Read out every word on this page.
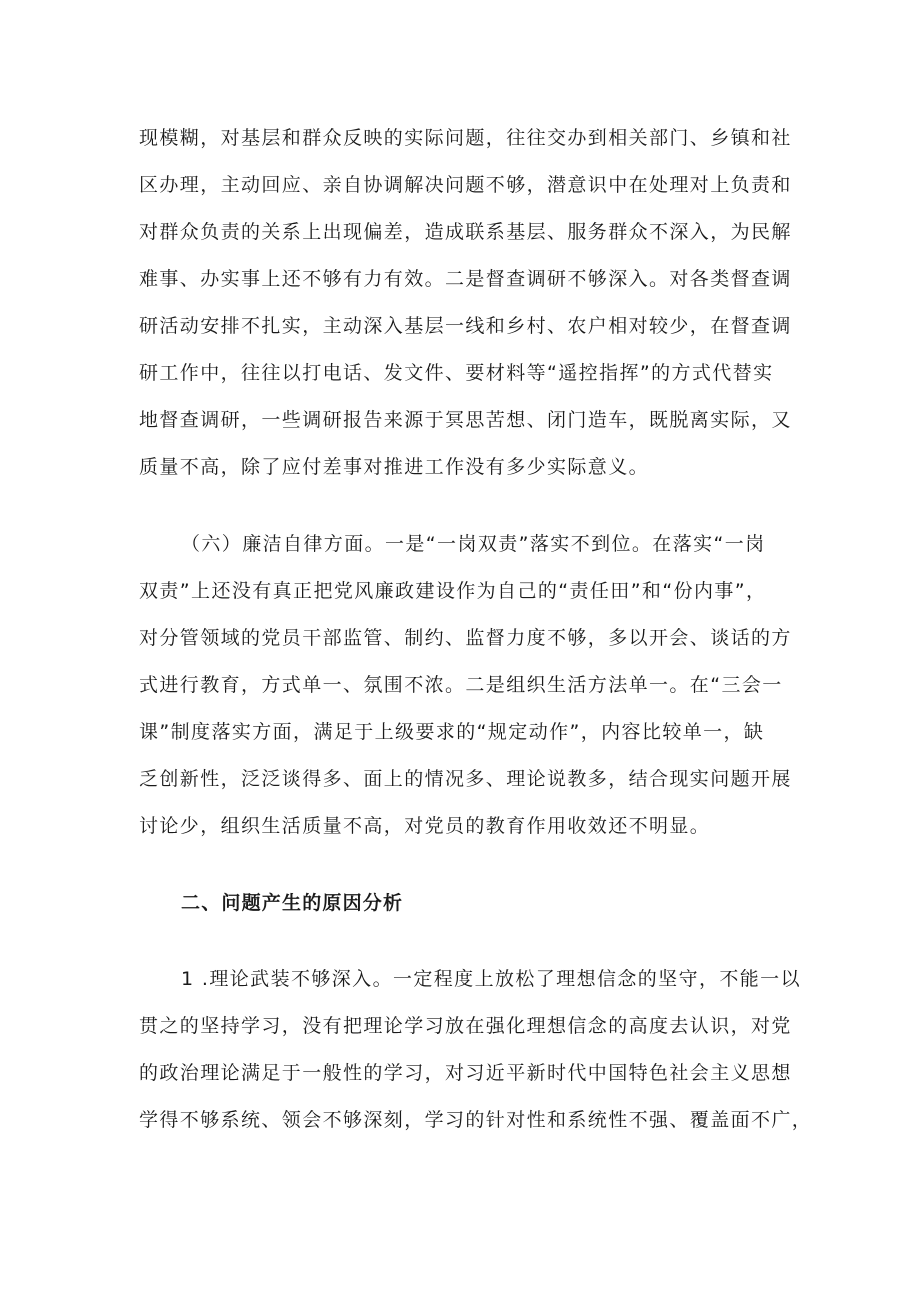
现模糊，对基层和群众反映的实际问题，往往交办到相关部门、乡镇和社
区办理，主动回应、亲自协调解决问题不够，潜意识中在处理对上负责和
对群众负责的关系上出现偏差，造成联系基层、服务群众不深入，为民解
难事、办实事上还不够有力有效。二是督查调研不够深入。对各类督查调
研活动安排不扎实，主动深入基层一线和乡村、农户相对较少，在督查调
研工作中，往往以打电话、发文件、要材料等“遥控指挥”的方式代替实
地督查调研，一些调研报告来源于冥思苦想、闭门造车，既脱离实际，又
质量不高，除了应付差事对推进工作没有多少实际意义。
（六）廉洁自律方面。一是“一岗双责”落实不到位。在落实“一岗
双责”上还没有真正把党风廉政建设作为自己的“责任田”和“份内事”，
对分管领域的党员干部监管、制约、监督力度不够，多以开会、谈话的方
式进行教育，方式单一、氛围不浓。二是组织生活方法单一。在“三会一
课”制度落实方面，满足于上级要求的“规定动作”，内容比较单一，缺
乏创新性，泛泛谈得多、面上的情况多、理论说教多，结合现实问题开展
讨论少，组织生活质量不高，对党员的教育作用收效还不明显。
二、问题产生的原因分析
1 .理论武装不够深入。一定程度上放松了理想信念的坚守，不能一以
贯之的坚持学习，没有把理论学习放在强化理想信念的高度去认识，对党
的政治理论满足于一般性的学习，对习近平新时代中国特色社会主义思想
学得不够系统、领会不够深刻，学习的针对性和系统性不强、覆盖面不广，
